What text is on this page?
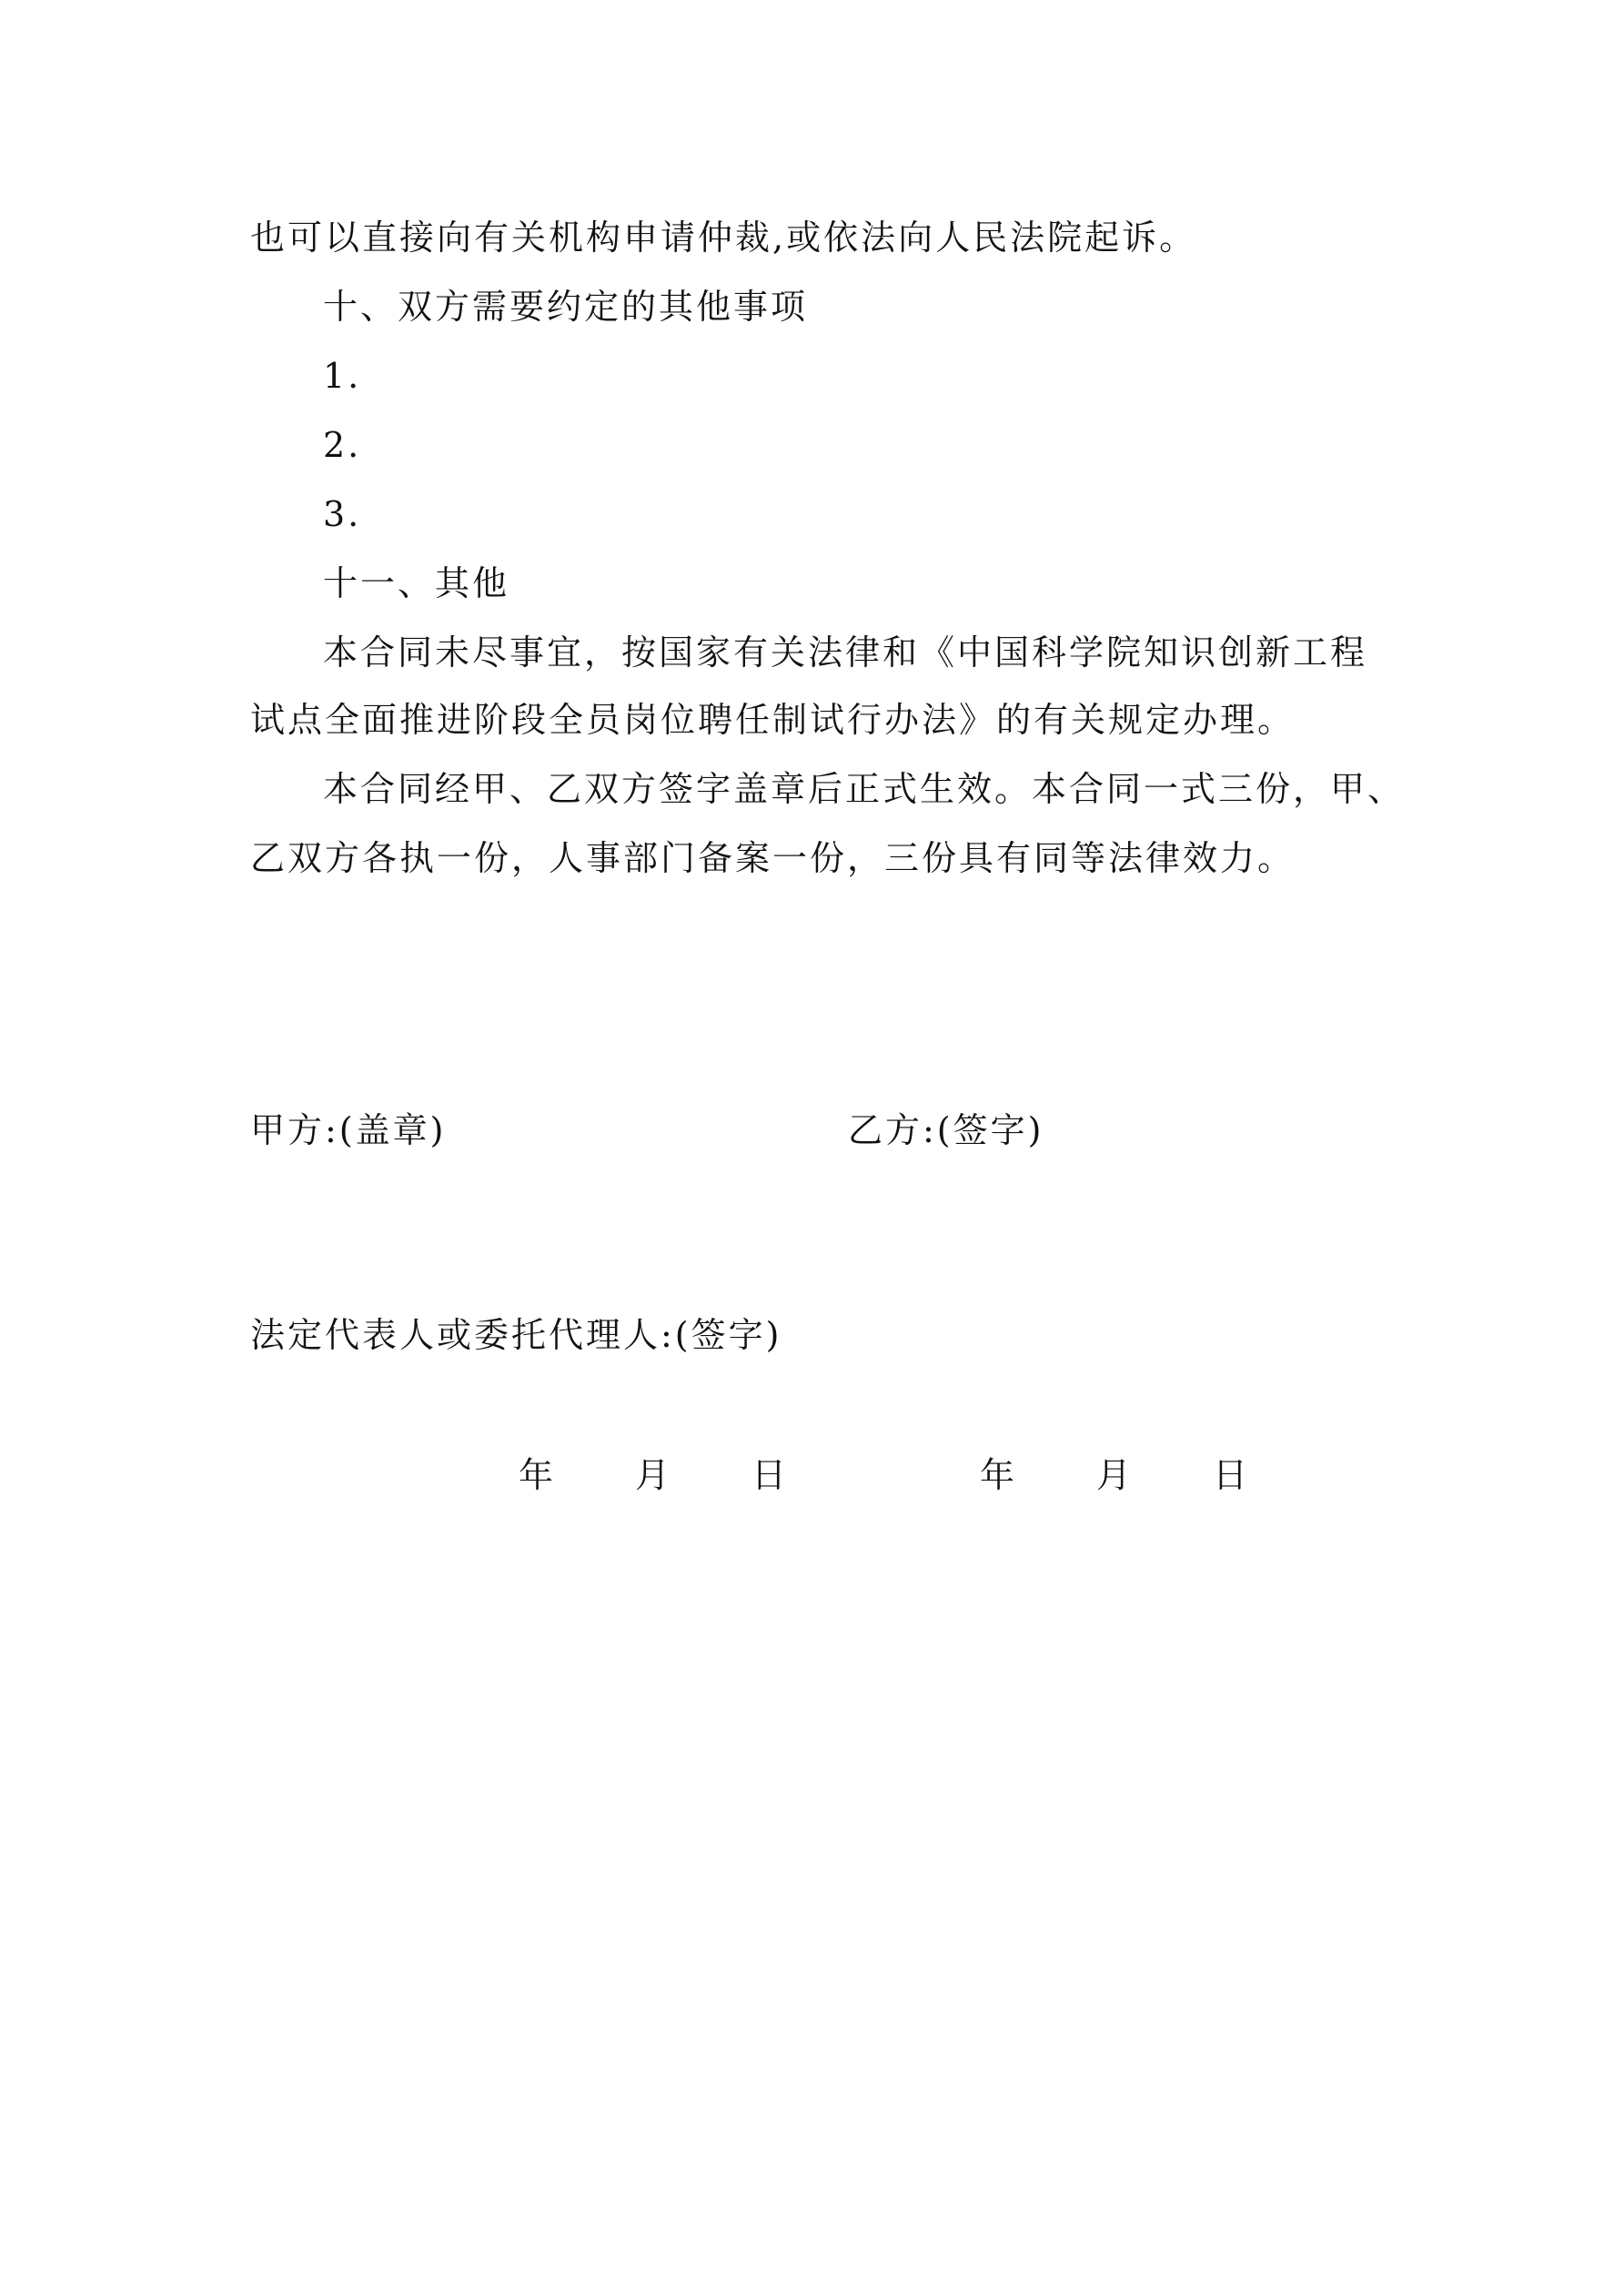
也可以直接向有关机构申请仲裁,或依法向人民法院起诉。
十、双方需要约定的其他事项
1.
2.
3.
十一、其他
本合同未尽事宜，按国家有关法律和《中国科学院知识创新工程
试点全面推进阶段全员岗位聘任制试行办法》的有关规定办理。
本合同经甲、乙双方签字盖章后正式生效。本合同一式三份，甲、
乙双方各执一份，人事部门备案一份，三份具有同等法律效力。
甲方:(盖章)	乙方:(签字)
法定代表人或委托代理人:(签字)
年 月 日	年 月 日
